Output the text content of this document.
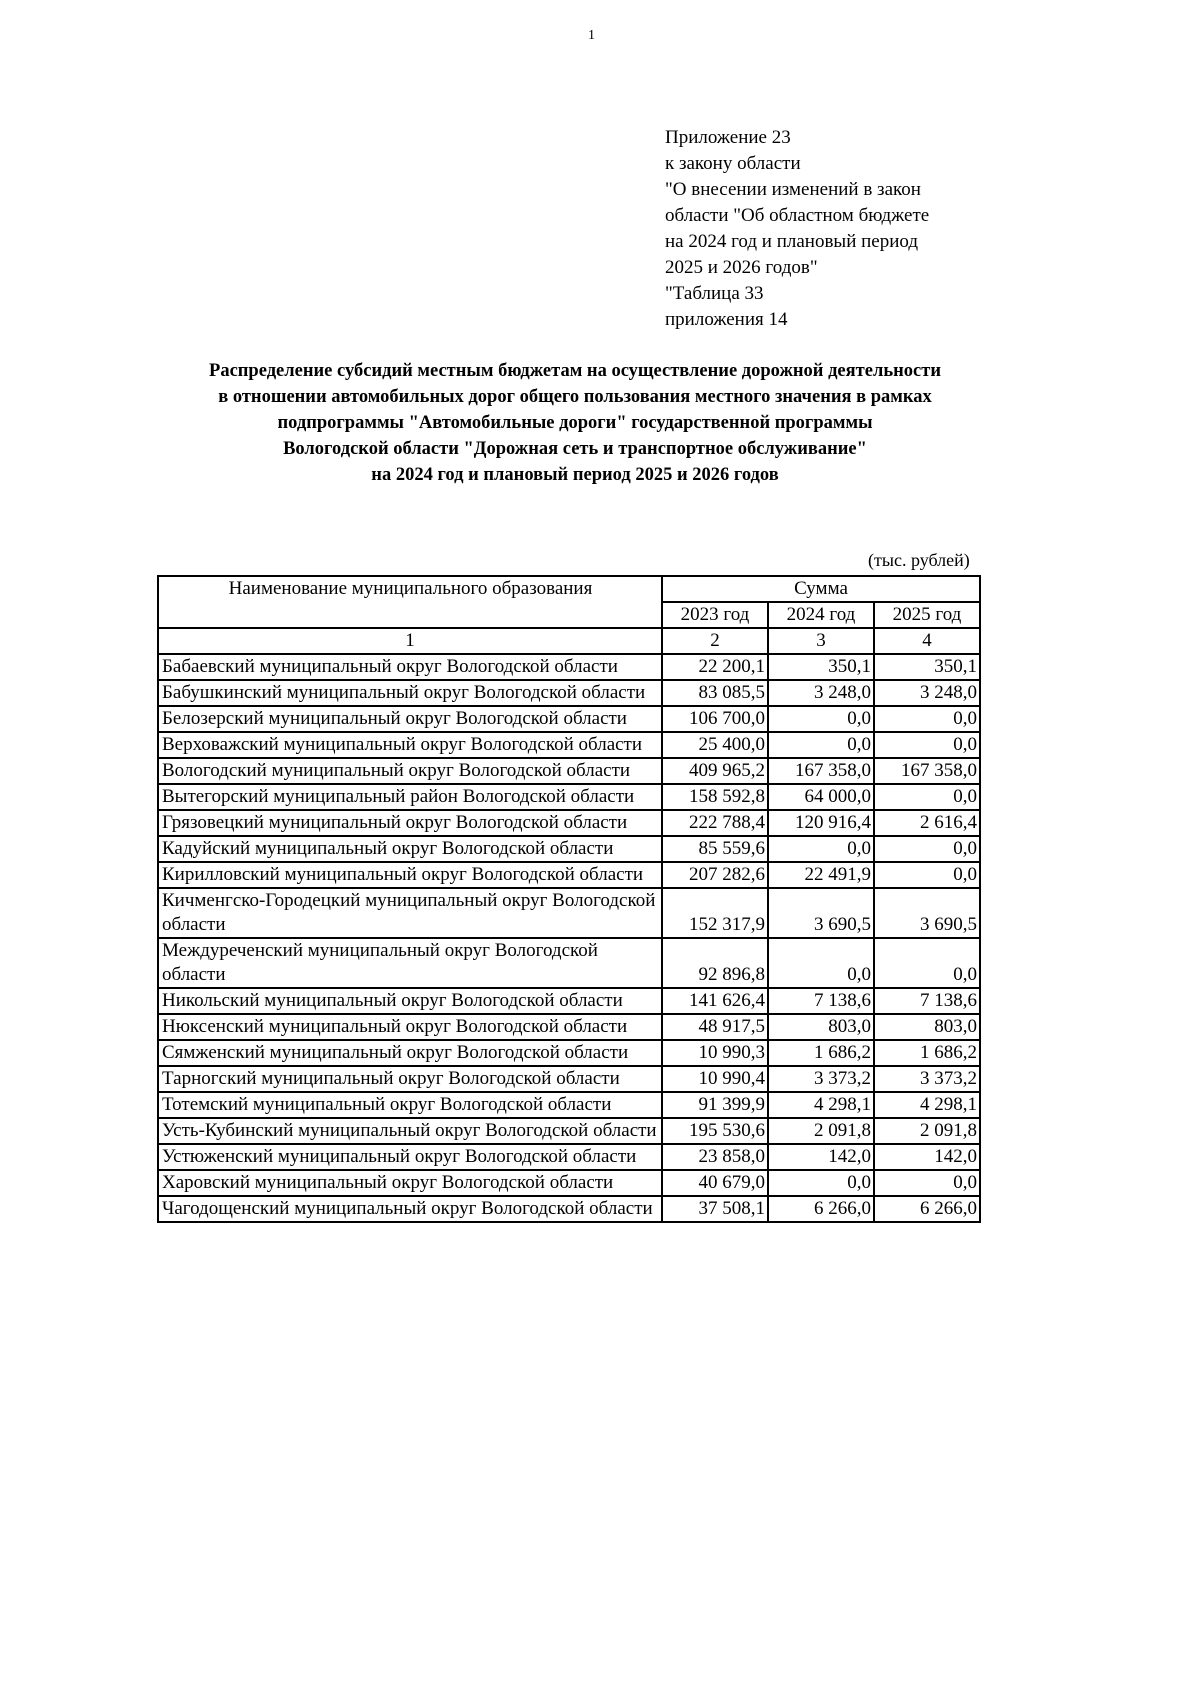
1
Приложение 23
к закону области
"О внесении изменений в закон
области "Об областном бюджете
на 2024 год и плановый период
2025 и 2026 годов"
"Таблица 33
приложения 14
Распределение субсидий местным бюджетам на осуществление дорожной деятельности
в отношении автомобильных дорог общего пользования местного значения в рамках
подпрограммы "Автомобильные дороги" государственной программы
Вологодской области "Дорожная сеть и транспортное обслуживание"
на 2024 год и плановый период 2025 и 2026 годов
(тыс. рублей)
Наименование муниципального образования	Сумма		
	2023 год	2024 год	2025 год
1	2	3	4
Бабаевский муниципальный округ Вологодской области	22 200,1	350,1	350,1
Бабушкинский муниципальный округ Вологодской области	83 085,5	3 248,0	3 248,0
Белозерский муниципальный округ Вологодской области	106 700,0	0,0	0,0
Верховажский муниципальный округ Вологодской области	25 400,0	0,0	0,0
Вологодский муниципальный округ Вологодской области	409 965,2	167 358,0	167 358,0
Вытегорский муниципальный район Вологодской области	158 592,8	64 000,0	0,0
Грязовецкий муниципальный округ Вологодской области	222 788,4	120 916,4	2 616,4
Кадуйский муниципальный округ Вологодской области	85 559,6	0,0	0,0
Кирилловский муниципальный округ Вологодской области	207 282,6	22 491,9	0,0
Кичменгско-Городецкий муниципальный округ Вологодской области	152 317,9	3 690,5	3 690,5
Междуреченский муниципальный округ Вологодской области	92 896,8	0,0	0,0
Никольский муниципальный округ Вологодской области	141 626,4	7 138,6	7 138,6
Нюксенский муниципальный округ Вологодской области	48 917,5	803,0	803,0
Сямженский муниципальный округ Вологодской области	10 990,3	1 686,2	1 686,2
Тарногский муниципальный округ Вологодской области	10 990,4	3 373,2	3 373,2
Тотемский муниципальный округ Вологодской области	91 399,9	4 298,1	4 298,1
Усть-Кубинский муниципальный округ Вологодской области	195 530,6	2 091,8	2 091,8
Устюженский муниципальный округ Вологодской области	23 858,0	142,0	142,0
Харовский муниципальный округ Вологодской области	40 679,0	0,0	0,0
Чагодощенский муниципальный округ Вологодской области	37 508,1	6 266,0	6 266,0
